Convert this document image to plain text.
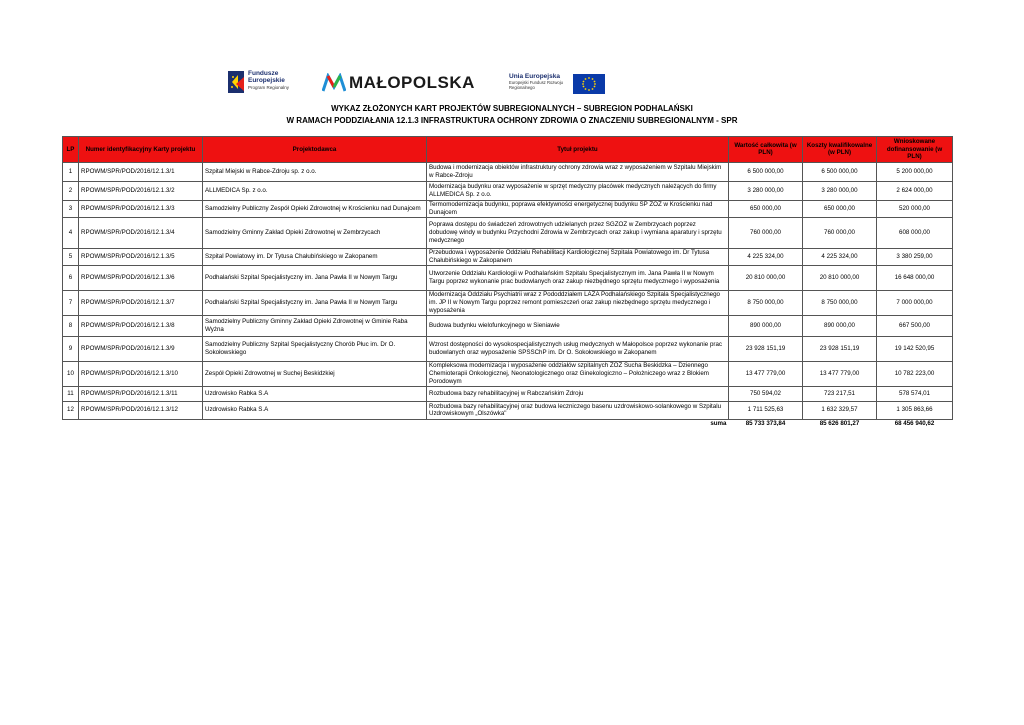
Fundusze Europejskie
Program Regionalny	MAŁOPOLSKA	Unia Europejska
Europejski Fundusz Rozwoju Regionalnego
WYKAZ ZŁOŻONYCH KART PROJEKTÓW SUBREGIONALNYCH – SUBREGION PODHALAŃSKI
W RAMACH PODDZIAŁANIA 12.1.3 INFRASTRUKTURA OCHRONY ZDROWIA O ZNACZENIU SUBREGIONALNYM - SPR
LP	Numer identyfikacyjny Karty projektu	Projektodawca	Tytuł projektu	Wartość całkowita (w PLN)	Koszty kwalifikowalne (w PLN)	Wnioskowane dofinansowanie (w PLN)
1	RPOWM/SPR/POD/2016/12.1.3/1	Szpital Miejski w Rabce-Zdroju sp. z o.o.	Budowa i modernizacja obiektów infrastruktury ochrony zdrowia wraz z wyposażeniem w Szpitalu Miejskim w Rabce-Zdroju	6 500 000,00	6 500 000,00	5 200 000,00
2	RPOWM/SPR/POD/2016/12.1.3/2	ALLMEDICA Sp. z o.o.	Modernizacja budynku oraz wyposażenie w sprzęt medyczny placówek medycznych należących do firmy ALLMEDICA Sp. z o.o.	3 280 000,00	3 280 000,00	2 624 000,00
3	RPOWM/SPR/POD/2016/12.1.3/3	Samodzielny Publiczny Zespół Opieki Zdrowotnej w Krościenku nad Dunajcem	Termomodernizacja budynku, poprawa efektywności energetycznej budynku SP ZOZ w Krościenku nad Dunajcem	650 000,00	650 000,00	520 000,00
4	RPOWM/SPR/POD/2016/12.1.3/4	Samodzielny Gminny Zakład Opieki Zdrowotnej w Zembrzycach	Poprawa dostępu do świadczeń zdrowotnych udzielanych przez SGZOZ w Zembrzycach poprzez dobudowę windy w budynku Przychodni Zdrowia w Zembrzycach oraz zakup i wymiana aparatury i sprzętu medycznego	760 000,00	760 000,00	608 000,00
5	RPOWM/SPR/POD/2016/12.1.3/5	Szpital Powiatowy im. Dr Tytusa Chałubińskiego w Zakopanem	Przebudowa i wyposażenie Oddziału Rehabilitacji Kardiologicznej Szpitala Powiatowego im. Dr Tytusa Chałubińskiego w Zakopanem	4 225 324,00	4 225 324,00	3 380 259,00
6	RPOWM/SPR/POD/2016/12.1.3/6	Podhalański Szpital Specjalistyczny im. Jana Pawła II w Nowym Targu	Utworzenie Oddziału Kardiologii w Podhalańskim Szpitalu Specjalistycznym im. Jana Pawła II w Nowym Targu poprzez wykonanie prac budowlanych oraz zakup niezbędnego sprzętu medycznego i wyposażenia	20 810 000,00	20 810 000,00	16 648 000,00
7	RPOWM/SPR/POD/2016/12.1.3/7	Podhalański Szpital Specjalistyczny im. Jana Pawła II w Nowym Targu	Modernizacja Oddziału Psychiatrii wraz z Pododdziałem LAZA Podhalańskiego Szpitala Specjalistycznego im. JP II w Nowym Targu poprzez remont pomieszczeń oraz zakup niezbędnego sprzętu medycznego i wyposażenia	8 750 000,00	8 750 000,00	7 000 000,00
8	RPOWM/SPR/POD/2016/12.1.3/8	Samodzielny Publiczny Gminny Zakład Opieki Zdrowotnej w Gminie Raba Wyżna	Budowa budynku wielofunkcyjnego w Sieniawie	890 000,00	890 000,00	667 500,00
9	RPOWM/SPR/POD/2016/12.1.3/9	Samodzielny Publiczny Szpital Specjalistyczny Chorób Płuc im. Dr O. Sokołowskiego	Wzrost dostępności do wysokospecjalistycznych usług medycznych w Małopolsce poprzez wykonanie prac budowlanych oraz wyposażenie SPSSChP im. Dr O. Sokołowskiego w Zakopanem	23 928 151,19	23 928 151,19	19 142 520,95
10	RPOWM/SPR/POD/2016/12.1.3/10	Zespół Opieki Zdrowotnej w Suchej Beskidzkiej	Kompleksowa modernizacja i wyposażenie oddziałów szpitalnych ZOZ Sucha Beskidzka – Dziennego Chemioterapii Onkologicznej, Neonatologicznego oraz Ginekologiczno – Położniczego wraz z Blokiem Porodowym	13 477 779,00	13 477 779,00	10 782 223,00
11	RPOWM/SPR/POD/2016/12.1.3/11	Uzdrowisko Rabka S.A	Rozbudowa bazy rehabilitacyjnej w Rabczańskim Zdroju	750 594,02	723 217,51	578 574,01
12	RPOWM/SPR/POD/2016/12.1.3/12	Uzdrowisko Rabka S.A	Rozbudowa bazy rehabilitacyjnej oraz budowa leczniczego basenu uzdrowiskowo-solankowego w Szpitalu Uzdrowiskowym „Olszówka"	1 711 525,63	1 632 329,57	1 305 863,66
			suma	85 733 373,84	85 626 801,27	68 456 940,62
